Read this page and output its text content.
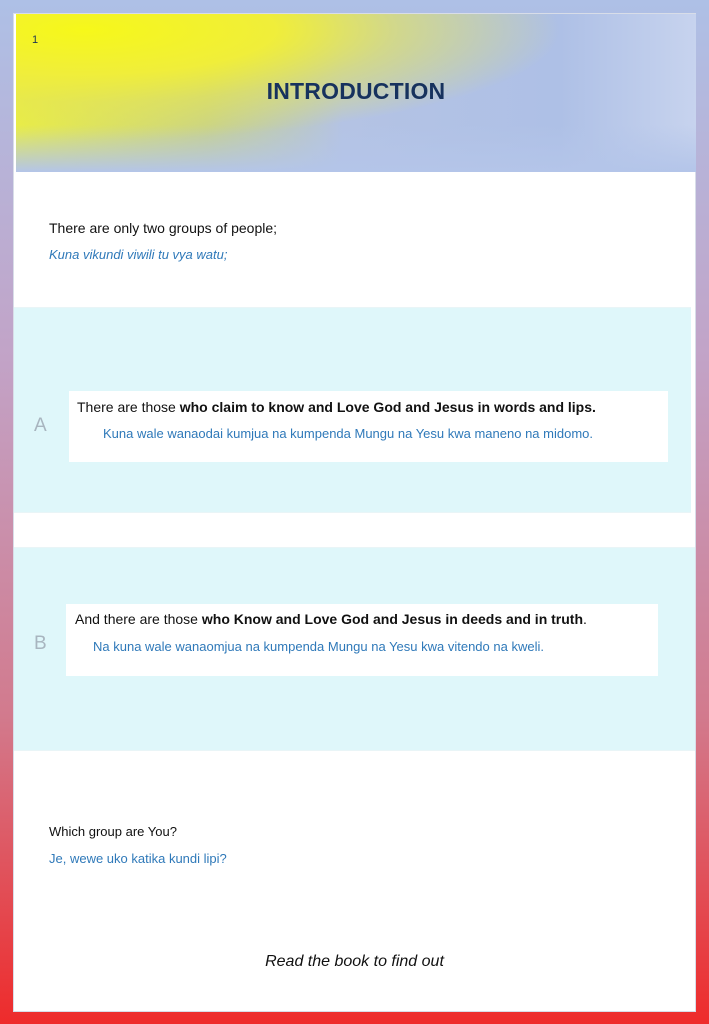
1
INTRODUCTION
There are only two groups of people;
Kuna vikundi viwili tu vya watu;
A
There are those who claim to know and Love God and Jesus in words and lips.
Kuna wale wanaodai kumjua na kumpenda Mungu na Yesu kwa maneno na midomo.
B
And there are those who Know and Love God and Jesus in deeds and in truth.
Na kuna wale wanaomjua na kumpenda Mungu na Yesu kwa vitendo na kweli.
Which group are You?
Je, wewe uko katika kundi lipi?
Read the book to find out
